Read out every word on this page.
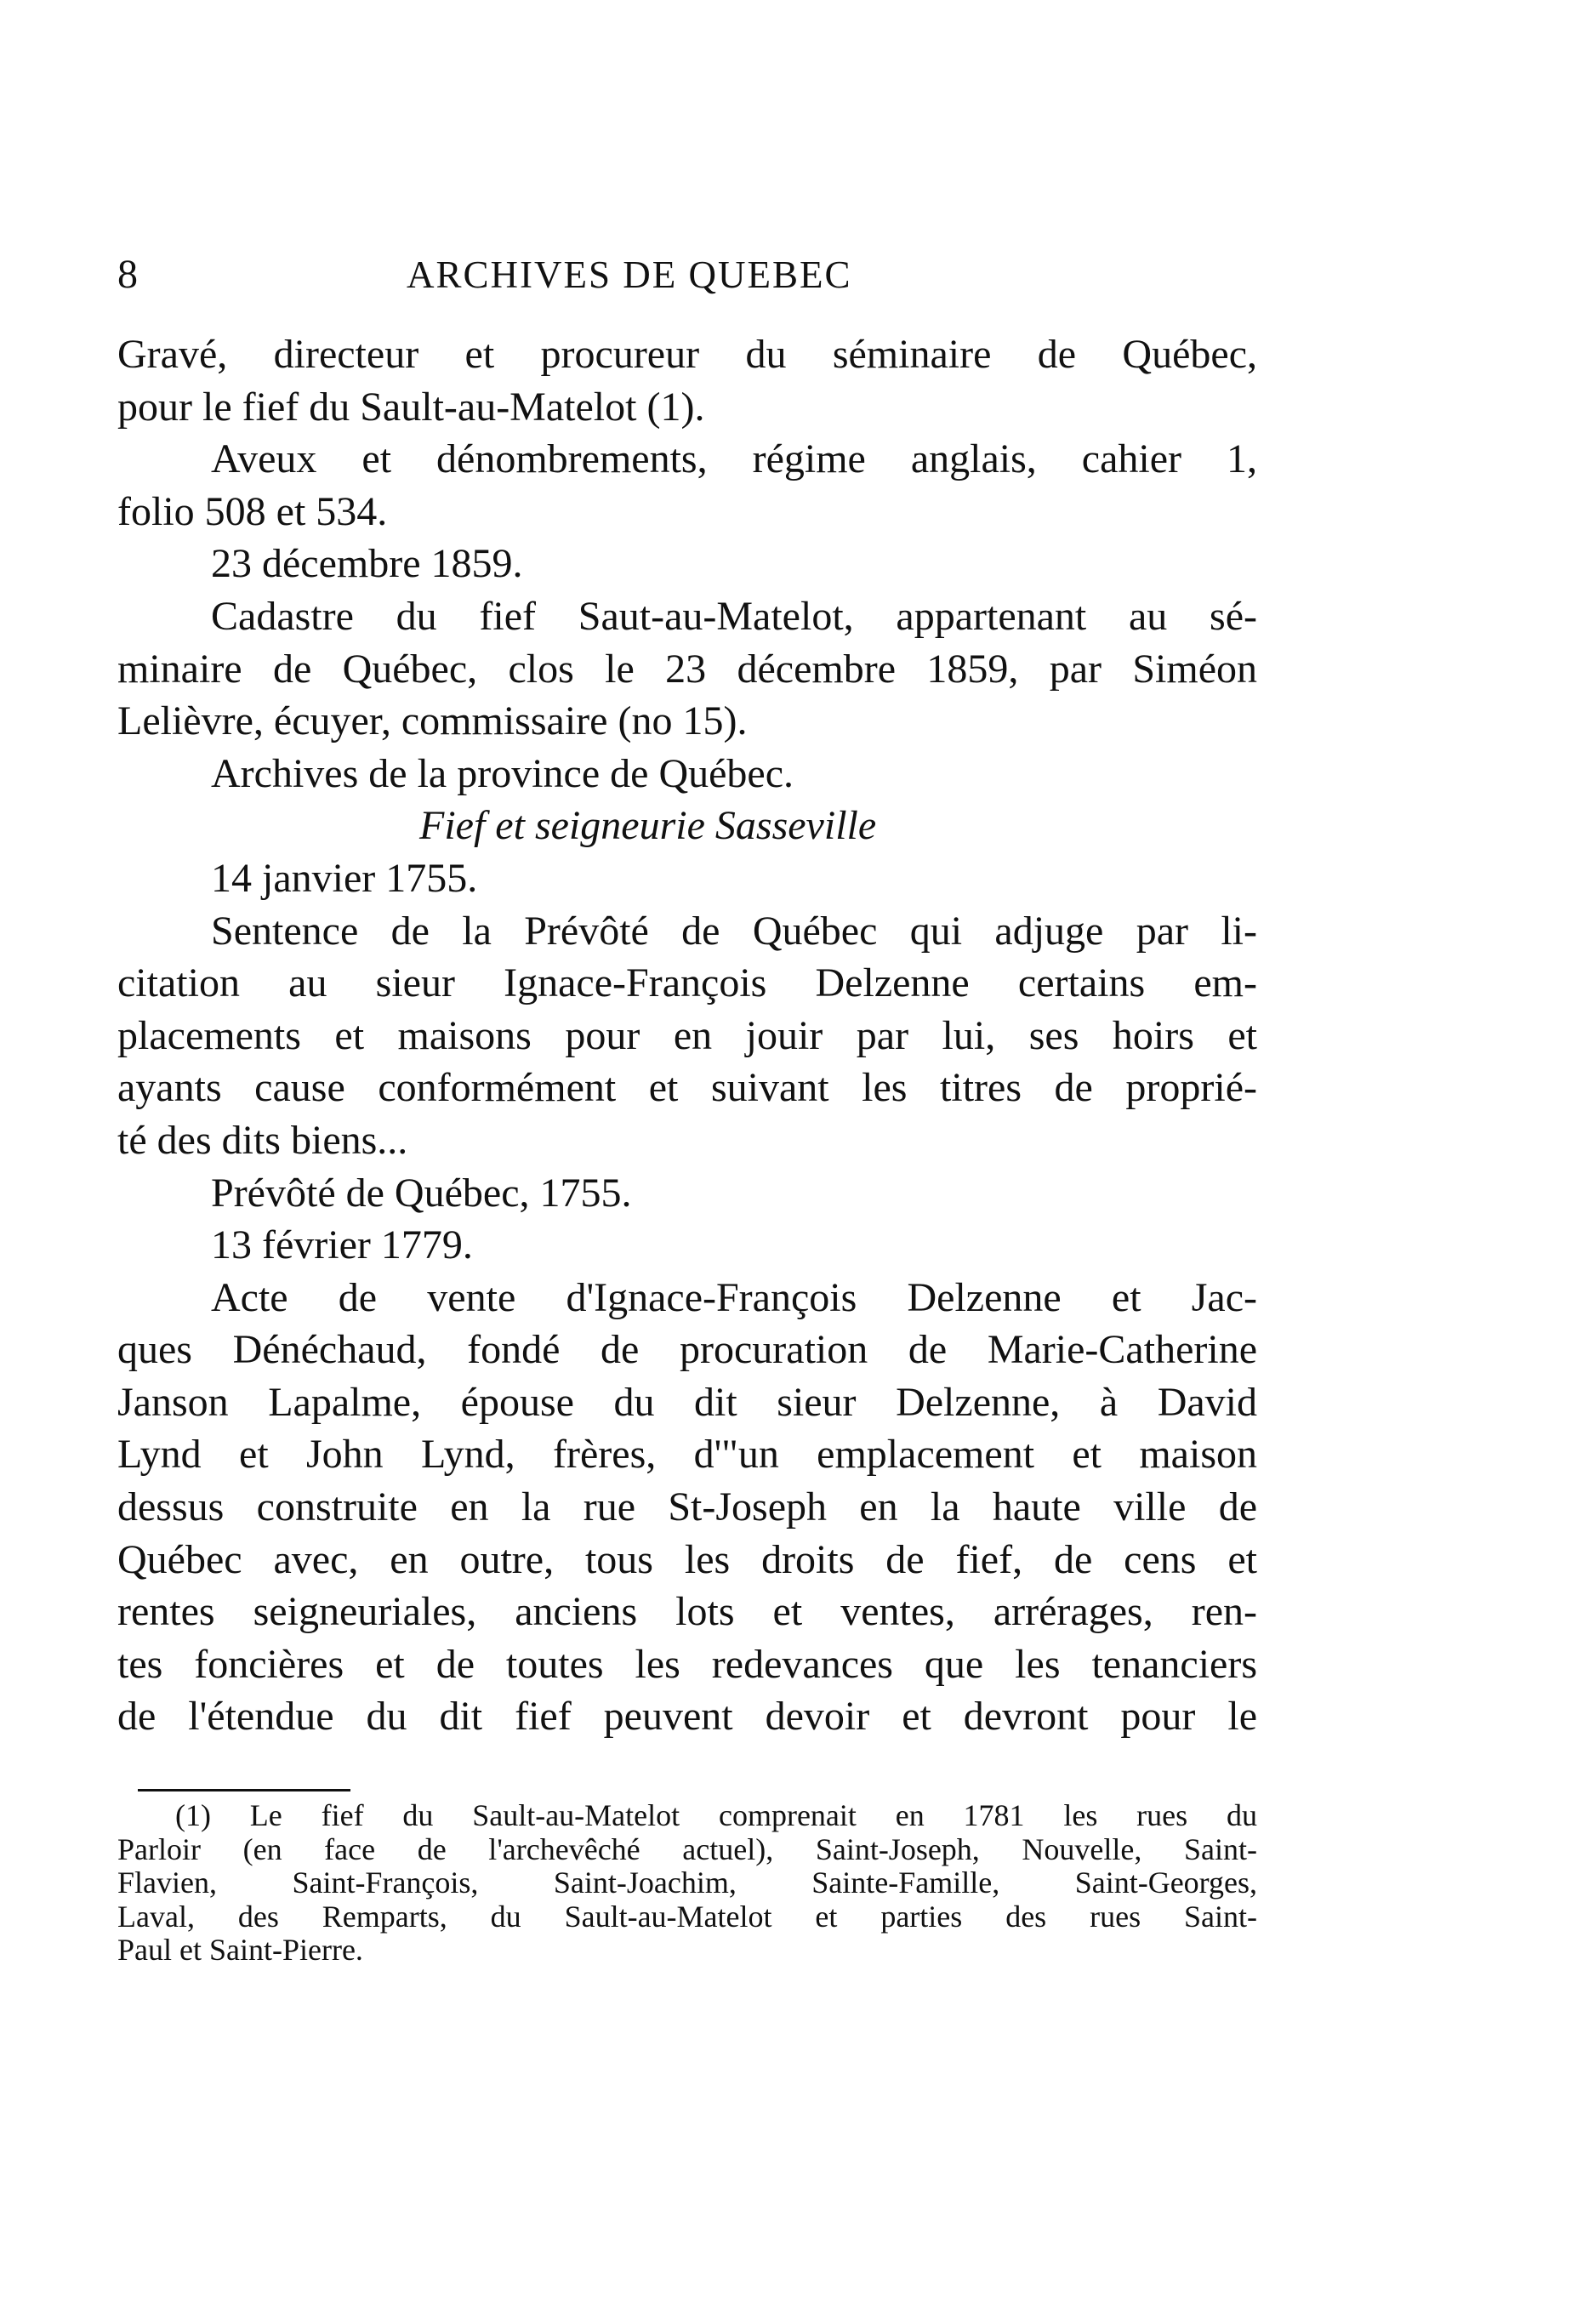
8	ARCHIVES DE QUEBEC
Gravé, directeur et procureur du séminaire de Québec,
pour le fief du Sault-au-Matelot (1).
Aveux et dénombrements, régime anglais, cahier 1,
folio 508 et 534.
23 décembre 1859.
Cadastre du fief Saut-au-Matelot, appartenant au sé-
minaire de Québec, clos le 23 décembre 1859, par Siméon
Lelièvre, écuyer, commissaire (no 15).
Archives de la province de Québec.
Fief et seigneurie Sasseville
14 janvier 1755.
Sentence de la Prévôté de Québec qui adjuge par li-
citation au sieur Ignace-François Delzenne certains em-
placements et maisons pour en jouir par lui, ses hoirs et
ayants cause conformément et suivant les titres de proprié-
té des dits biens...
Prévôté de Québec, 1755.
13 février 1779.
Acte de vente d'Ignace-François Delzenne et Jac-
ques Dénéchaud, fondé de procuration de Marie-Catherine
Janson Lapalme, épouse du dit sieur Delzenne, à David
Lynd et John Lynd, frères, d'"un emplacement et maison
dessus construite en la rue St-Joseph en la haute ville de
Québec avec, en outre, tous les droits de fief, de cens et
rentes seigneuriales, anciens lots et ventes, arrérages, ren-
tes foncières et de toutes les redevances que les tenanciers
de l'étendue du dit fief peuvent devoir et devront pour le
(1) Le fief du Sault-au-Matelot comprenait en 1781 les rues du
Parloir (en face de l'archevêché actuel), Saint-Joseph, Nouvelle, Saint-
Flavien, Saint-François, Saint-Joachim, Sainte-Famille, Saint-Georges,
Laval, des Remparts, du Sault-au-Matelot et parties des rues Saint-
Paul et Saint-Pierre.
